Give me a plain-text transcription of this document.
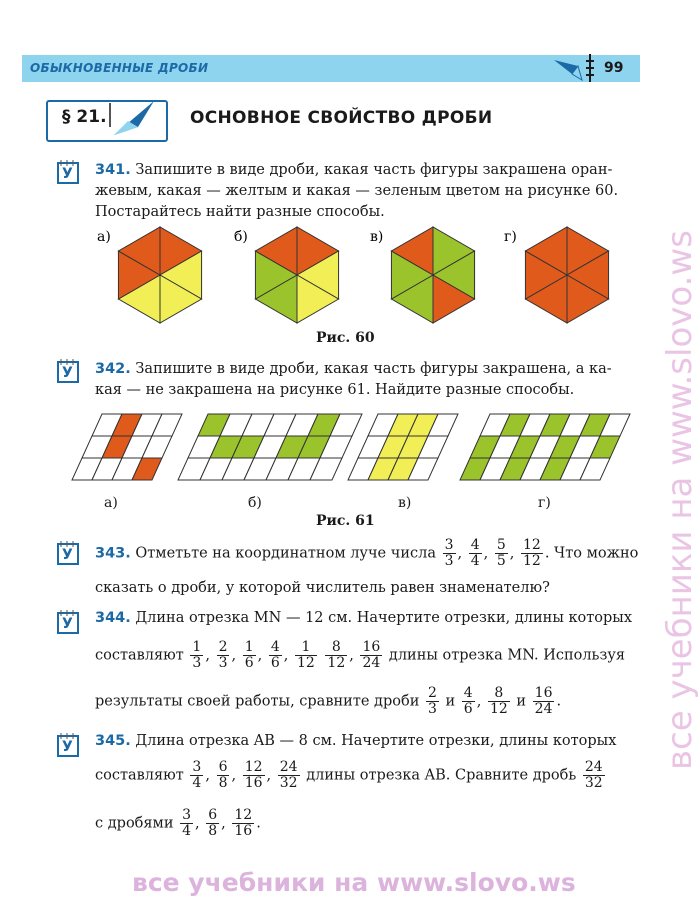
ОБЫКНОВЕННЫЕ ДРОБИ	99
§ 21.	ОСНОВНОЕ СВОЙСТВО ДРОБИ
У 341. Запишите в виде дроби, какая часть фигуры закрашена оран-
жевым, какая — желтым и какая — зеленым цветом на рисунке 60.
Постарайтесь найти разные способы.
а)	б)	в)	г)
Рис. 60
У 342. Запишите в виде дроби, какая часть фигуры закрашена, а ка-
кая — не закрашена на рисунке 61. Найдите разные способы.
а)	б)	в)	г)
Рис. 61
У 343. Отметьте на координатном луче числа $\frac{3}{3}$ , $\frac{4}{4}$ , $\frac{5}{5}$ , $\frac{12}{12}$ . Что можно
сказать о дроби, у которой числитель равен знаменателю?
У 344. Длина отрезка MN — 12 см. Начертите отрезки, длины которых
составляют $\frac{1}{3}$ , $\frac{2}{3}$ , $\frac{1}{6}$ , $\frac{4}{6}$ , $\frac{1}{12}$
$\frac{8}{12}$ , $\frac{16}{24}$ длины отрезка MN. Используя
результаты своей работы, сравните дроби $\frac{2}{3}$ и $\frac{4}{6}$ , $\frac{8}{12}$ и $\frac{16}{24}$ .
У 345. Длина отрезка AB — 8 см. Начертите отрезки, длины которых
составляют $\frac{3}{4}$ , $\frac{6}{8}$ , $\frac{12}{16}$ , $\frac{24}{32}$ длины отрезка AB. Сравните дробь $\frac{24}{32}$
с дробями $\frac{3}{4}$ , $\frac{6}{8}$ , $\frac{12}{16}$ .
все учебники на www.slovo.ws
все учебники на www.slovo.ws
